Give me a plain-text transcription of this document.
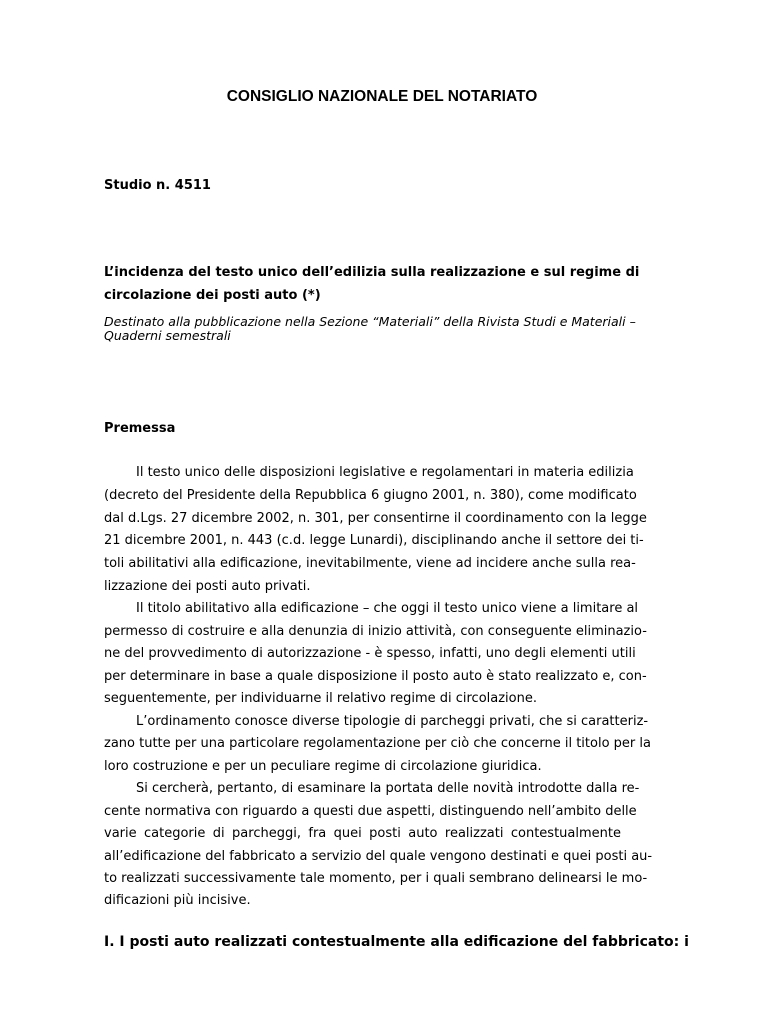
CONSIGLIO NAZIONALE DEL NOTARIATO
Studio n. 4511
L’incidenza del testo unico dell’edilizia sulla realizzazione e sul regime di
circolazione dei posti auto (*)
Destinato alla pubblicazione nella Sezione “Materiali” della Rivista Studi e Materiali –
Quaderni semestrali
Premessa
Il testo unico delle disposizioni legislative e regolamentari in materia edilizia
(decreto del Presidente della Repubblica 6 giugno 2001, n. 380), come modificato
dal d.Lgs. 27 dicembre 2002, n. 301, per consentirne il coordinamento con la legge
21 dicembre 2001, n. 443 (c.d. legge Lunardi), disciplinando anche il settore dei ti-
toli abilitativi alla edificazione, inevitabilmente, viene ad incidere anche sulla rea-
lizzazione dei posti auto privati.
Il titolo abilitativo alla edificazione – che oggi il testo unico viene a limitare al
permesso di costruire e alla denunzia di inizio attività, con conseguente eliminazio-
ne del provvedimento di autorizzazione - è spesso, infatti, uno degli elementi utili
per determinare in base a quale disposizione il posto auto è stato realizzato e, con-
seguentemente, per individuarne il relativo regime di circolazione.
L’ordinamento conosce diverse tipologie di parcheggi privati, che si caratteriz-
zano tutte per una particolare regolamentazione per ciò che concerne il titolo per la
loro costruzione e per un peculiare regime di circolazione giuridica.
Si cercherà, pertanto, di esaminare la portata delle novità introdotte dalla re-
cente normativa con riguardo a questi due aspetti, distinguendo nell’ambito delle
varie categorie di parcheggi, fra quei posti auto realizzati contestualmente
all’edificazione del fabbricato a servizio del quale vengono destinati e quei posti au-
to realizzati successivamente tale momento, per i quali sembrano delinearsi le mo-
dificazioni più incisive.
I. I posti auto realizzati contestualmente alla edificazione del fabbricato: i
